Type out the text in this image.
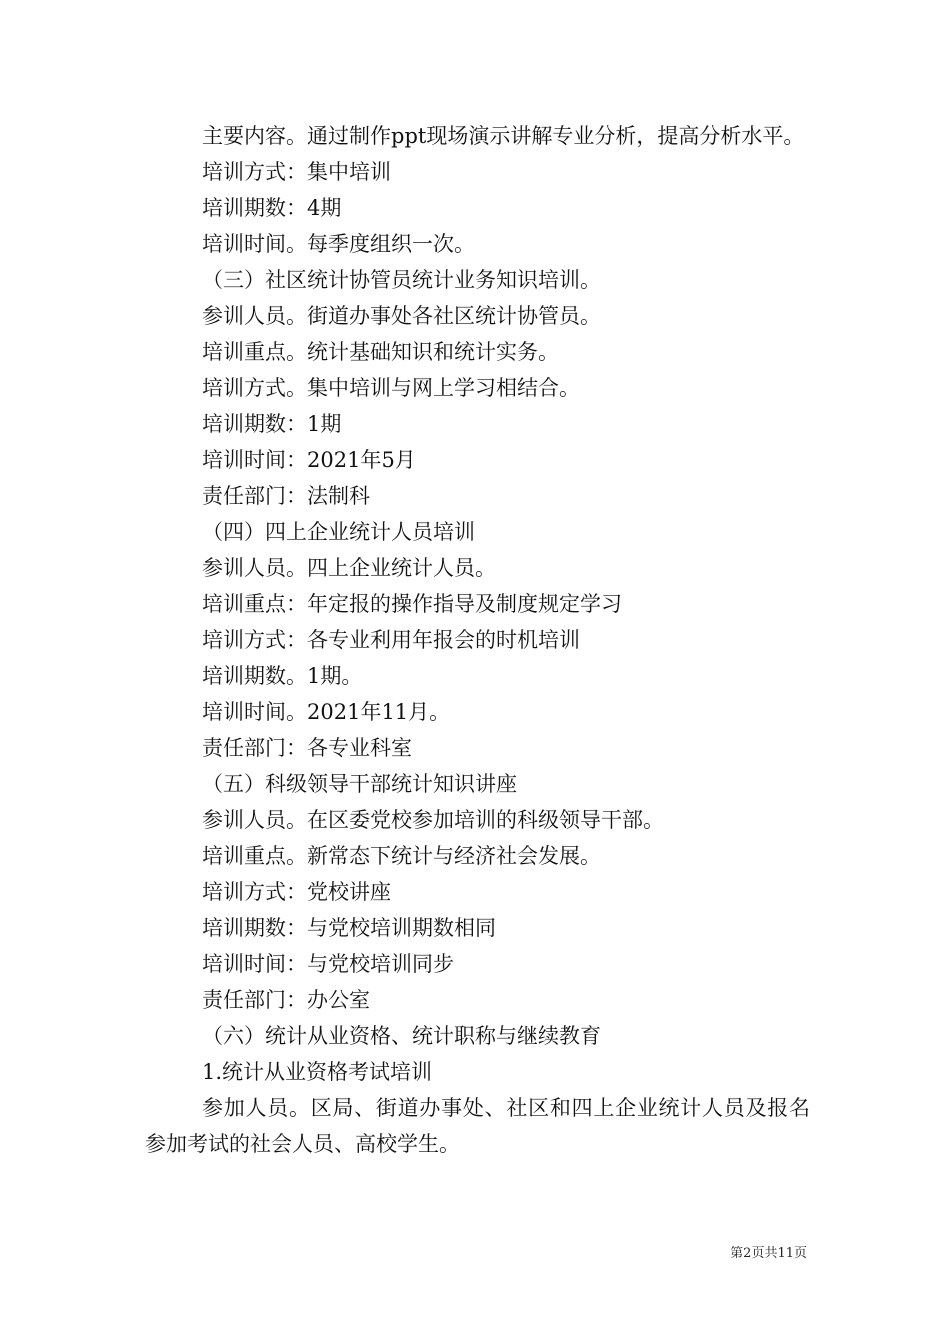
主要内容。通过制作ppt现场演示讲解专业分析，提高分析水平。

培训方式：集中培训

培训期数：4期

培训时间。每季度组织一次。

（三）社区统计协管员统计业务知识培训。

参训人员。街道办事处各社区统计协管员。

培训重点。统计基础知识和统计实务。

培训方式。集中培训与网上学习相结合。

培训期数：1期

培训时间：2021年5月

责任部门：法制科

（四）四上企业统计人员培训

参训人员。四上企业统计人员。

培训重点：年定报的操作指导及制度规定学习

培训方式：各专业利用年报会的时机培训

培训期数。1期。

培训时间。2021年11月。

责任部门：各专业科室

（五）科级领导干部统计知识讲座

参训人员。在区委党校参加培训的科级领导干部。

培训重点。新常态下统计与经济社会发展。

培训方式：党校讲座

培训期数：与党校培训期数相同

培训时间：与党校培训同步

责任部门：办公室

（六）统计从业资格、统计职称与继续教育

1.统计从业资格考试培训

参加人员。区局、街道办事处、社区和四上企业统计人员及报名参加考试的社会人员、高校学生。

第2页共11页
